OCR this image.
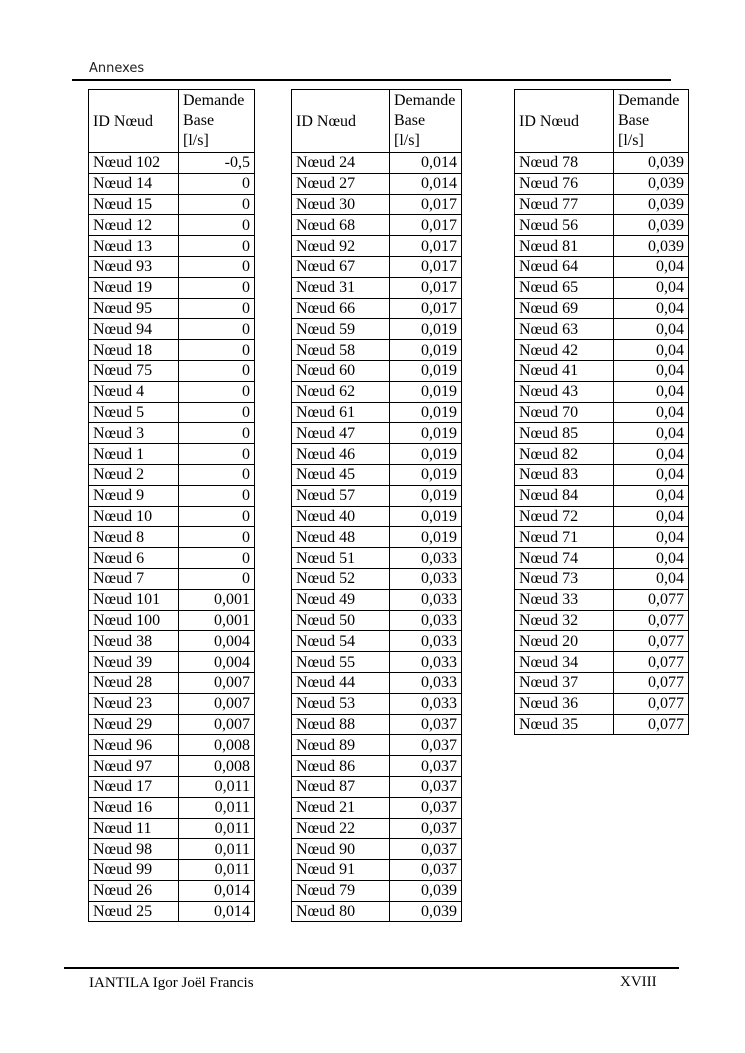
Annexes
ID Nœud	Demande
Base
[l/s]
Nœud 102	-0,5
Nœud 14	0
Nœud 15	0
Nœud 12	0
Nœud 13	0
Nœud 93	0
Nœud 19	0
Nœud 95	0
Nœud 94	0
Nœud 18	0
Nœud 75	0
Nœud 4	0
Nœud 5	0
Nœud 3	0
Nœud 1	0
Nœud 2	0
Nœud 9	0
Nœud 10	0
Nœud 8	0
Nœud 6	0
Nœud 7	0
Nœud 101	0,001
Nœud 100	0,001
Nœud 38	0,004
Nœud 39	0,004
Nœud 28	0,007
Nœud 23	0,007
Nœud 29	0,007
Nœud 96	0,008
Nœud 97	0,008
Nœud 17	0,011
Nœud 16	0,011
Nœud 11	0,011
Nœud 98	0,011
Nœud 99	0,011
Nœud 26	0,014
Nœud 25	0,014
ID Nœud	Demande
Base
[l/s]
Nœud 24	0,014
Nœud 27	0,014
Nœud 30	0,017
Nœud 68	0,017
Nœud 92	0,017
Nœud 67	0,017
Nœud 31	0,017
Nœud 66	0,017
Nœud 59	0,019
Nœud 58	0,019
Nœud 60	0,019
Nœud 62	0,019
Nœud 61	0,019
Nœud 47	0,019
Nœud 46	0,019
Nœud 45	0,019
Nœud 57	0,019
Nœud 40	0,019
Nœud 48	0,019
Nœud 51	0,033
Nœud 52	0,033
Nœud 49	0,033
Nœud 50	0,033
Nœud 54	0,033
Nœud 55	0,033
Nœud 44	0,033
Nœud 53	0,033
Nœud 88	0,037
Nœud 89	0,037
Nœud 86	0,037
Nœud 87	0,037
Nœud 21	0,037
Nœud 22	0,037
Nœud 90	0,037
Nœud 91	0,037
Nœud 79	0,039
Nœud 80	0,039
ID Nœud	Demande
Base
[l/s]
Nœud 78	0,039
Nœud 76	0,039
Nœud 77	0,039
Nœud 56	0,039
Nœud 81	0,039
Nœud 64	0,04
Nœud 65	0,04
Nœud 69	0,04
Nœud 63	0,04
Nœud 42	0,04
Nœud 41	0,04
Nœud 43	0,04
Nœud 70	0,04
Nœud 85	0,04
Nœud 82	0,04
Nœud 83	0,04
Nœud 84	0,04
Nœud 72	0,04
Nœud 71	0,04
Nœud 74	0,04
Nœud 73	0,04
Nœud 33	0,077
Nœud 32	0,077
Nœud 20	0,077
Nœud 34	0,077
Nœud 37	0,077
Nœud 36	0,077
Nœud 35	0,077
IANTILA Igor Joël Francis	XVIII
